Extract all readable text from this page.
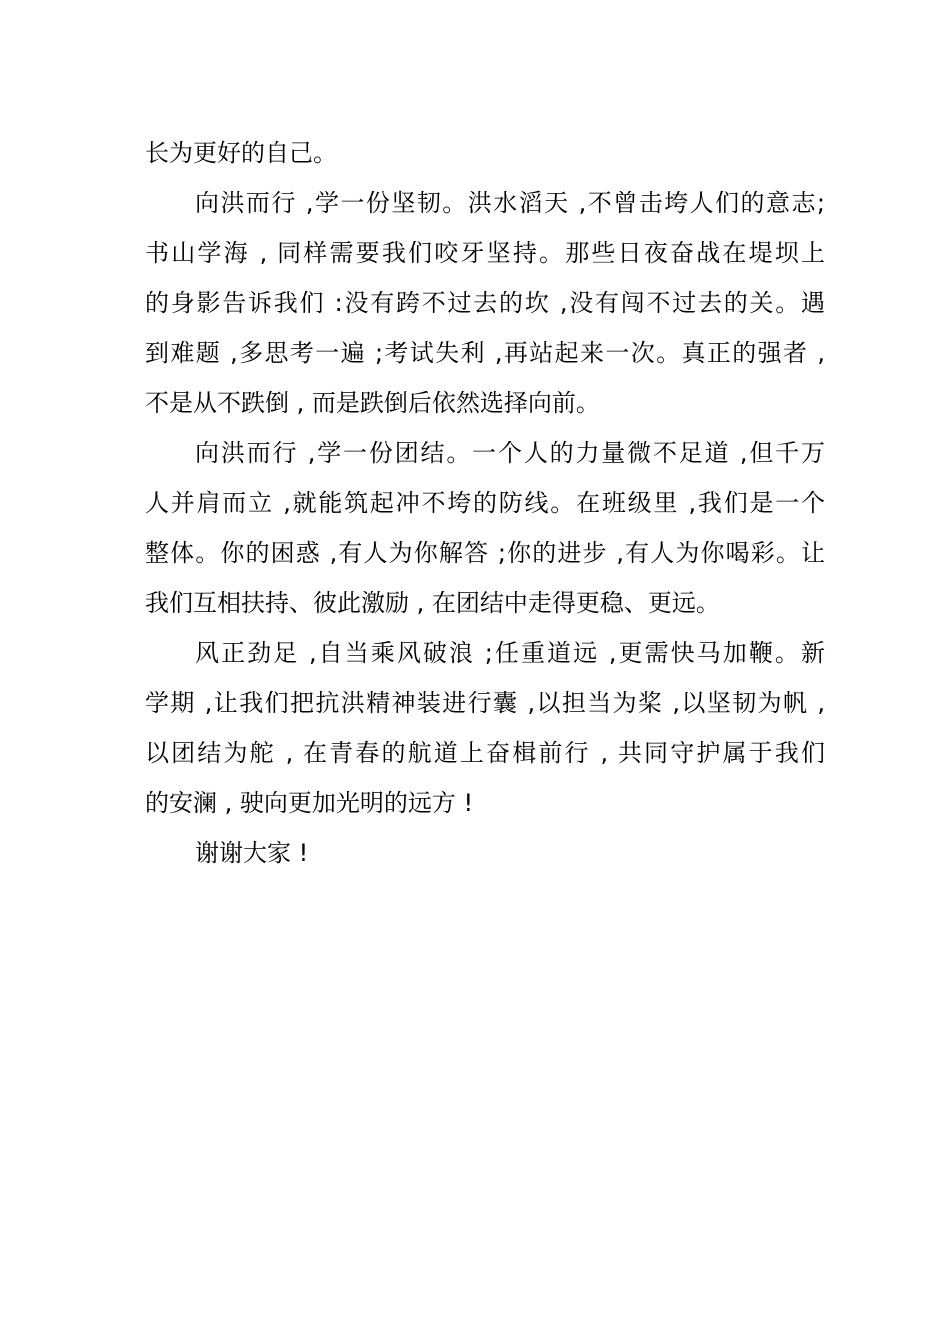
长为更好的自己。
向洪而行 ,学一份坚韧。洪水滔天 ,不曾击垮人们的意志;
书山学海 , 同样需要我们咬牙坚持。那些日夜奋战在堤坝上
的身影告诉我们 :没有跨不过去的坎 ,没有闯不过去的关。遇
到难题 ,多思考一遍 ;考试失利 ,再站起来一次。真正的强者 ,
不是从不跌倒 , 而是跌倒后依然选择向前。
向洪而行 ,学一份团结。一个人的力量微不足道 ,但千万
人并肩而立 ,就能筑起冲不垮的防线。在班级里 ,我们是一个
整体。你的困惑 ,有人为你解答 ;你的进步 ,有人为你喝彩。让
我们互相扶持、彼此激励 , 在团结中走得更稳、更远。
风正劲足 ,自当乘风破浪 ;任重道远 ,更需快马加鞭。新
学期 ,让我们把抗洪精神装进行囊 ,以担当为桨 ,以坚韧为帆 ,
以团结为舵 , 在青春的航道上奋楫前行 , 共同守护属于我们
的安澜 , 驶向更加光明的远方 !
谢谢大家 !
